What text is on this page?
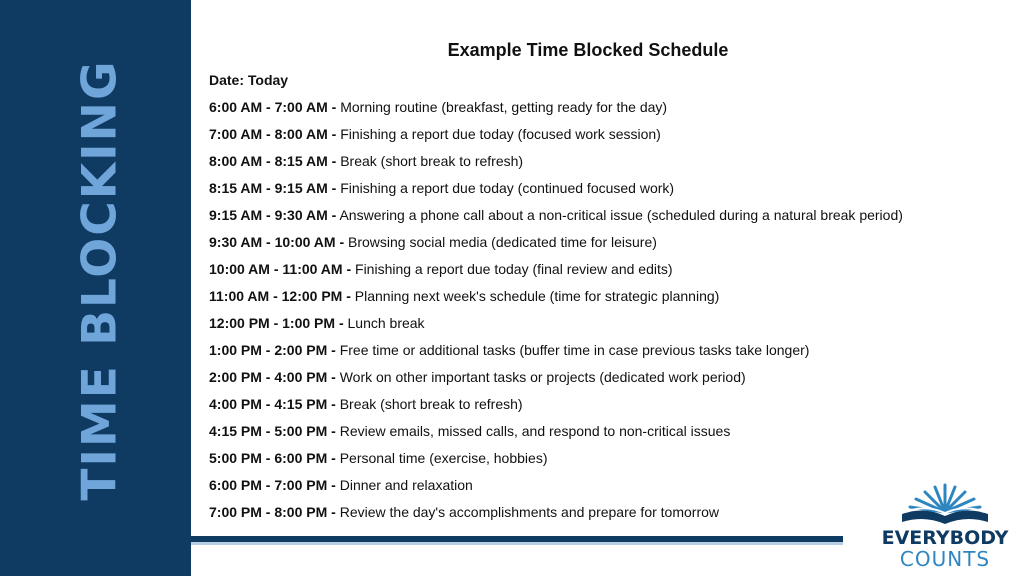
TIME BLOCKING
Example Time Blocked Schedule
Date: Today
6:00 AM - 7:00 AM - Morning routine (breakfast, getting ready for the day)
7:00 AM - 8:00 AM - Finishing a report due today (focused work session)
8:00 AM - 8:15 AM - Break (short break to refresh)
8:15 AM - 9:15 AM - Finishing a report due today (continued focused work)
9:15 AM - 9:30 AM - Answering a phone call about a non-critical issue (scheduled during a natural break period)
9:30 AM - 10:00 AM - Browsing social media (dedicated time for leisure)
10:00 AM - 11:00 AM - Finishing a report due today (final review and edits)
11:00 AM - 12:00 PM - Planning next week's schedule (time for strategic planning)
12:00 PM - 1:00 PM - Lunch break
1:00 PM - 2:00 PM - Free time or additional tasks (buffer time in case previous tasks take longer)
2:00 PM - 4:00 PM - Work on other important tasks or projects (dedicated work period)
4:00 PM - 4:15 PM - Break (short break to refresh)
4:15 PM - 5:00 PM - Review emails, missed calls, and respond to non-critical issues
5:00 PM - 6:00 PM - Personal time (exercise, hobbies)
6:00 PM - 7:00 PM - Dinner and relaxation
7:00 PM - 8:00 PM - Review the day's accomplishments and prepare for tomorrow
EVERYBODY
COUNTS
